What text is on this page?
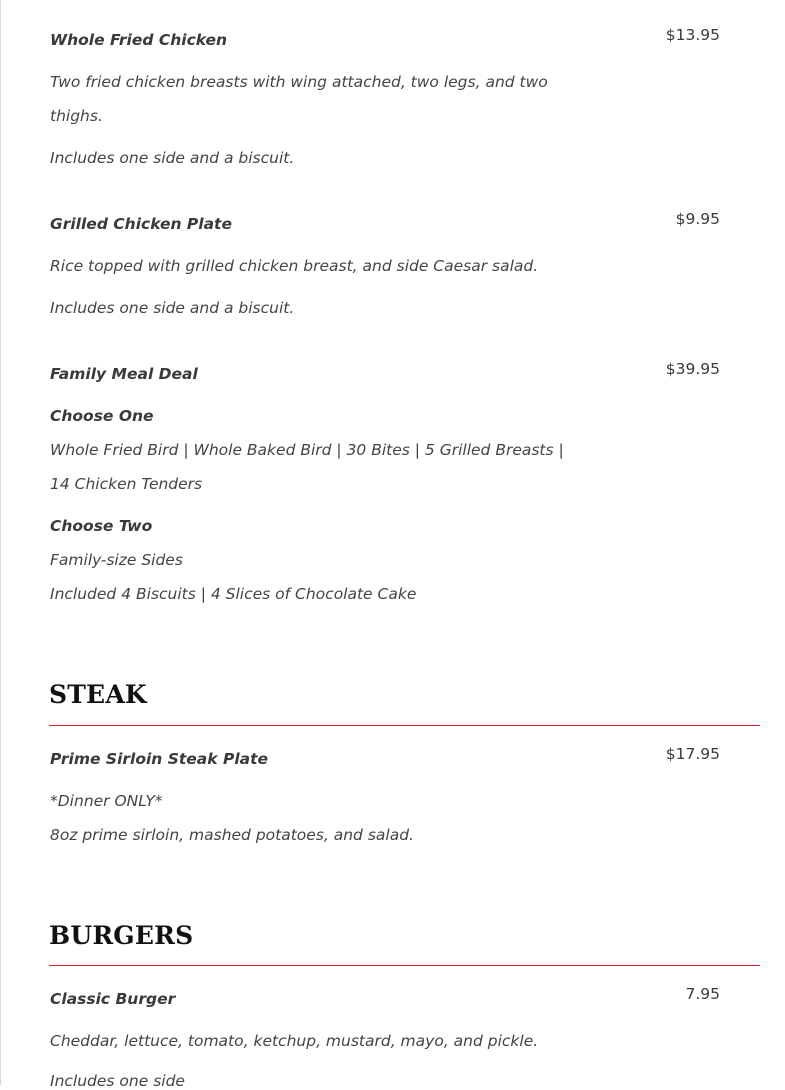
Whole Fried Chicken	$13.95
Two fried chicken breasts with wing attached, two legs, and two
thighs.
Includes one side and a biscuit.
Grilled Chicken Plate	$9.95
Rice topped with grilled chicken breast, and side Caesar salad.
Includes one side and a biscuit.
Family Meal Deal	$39.95
Choose One
Whole Fried Bird | Whole Baked Bird | 30 Bites | 5 Grilled Breasts |
14 Chicken Tenders
Choose Two
Family-size Sides
Included 4 Biscuits | 4 Slices of Chocolate Cake
STEAK
Prime Sirloin Steak Plate	$17.95
*Dinner ONLY*
8oz prime sirloin, mashed potatoes, and salad.
BURGERS
Classic Burger	7.95
Cheddar, lettuce, tomato, ketchup, mustard, mayo, and pickle.
Includes one side
